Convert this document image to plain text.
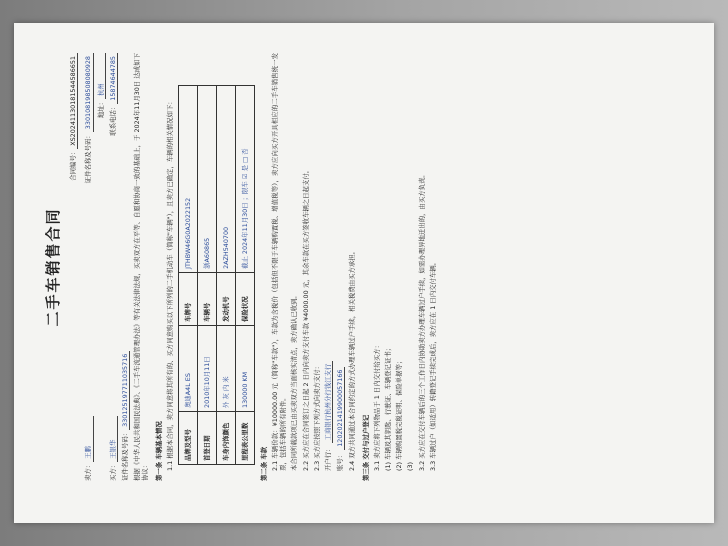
二手车销售合同
合同编号：XS20241130181544586651
卖方：王鹏
证件名称及号码：330108198508080928 地址：杭州
买方：王银华
联系电话：15874644785
证件名称及号码：330125197711035716 根据《中华人民共和国民法典》、《二手车流通管理办法》等有关法律法规，买卖双方在平等、自愿和协商一致的基础上，于 2024年11月30日 达成如下协议： 第一条 车辆基本情况 1.1 根据本合同，卖方同意将其所有的、买方同意购买以下所列的二手机动车（简称"车辆"），且卖方已确定，车辆的相关情况如下： 品牌及型号	奥迪A4L ES	车牌号	JTHBW46G0A2022152
首登日期	2010年10月11日	车辆号	浙A60865
车身内饰颜色	外 灰 内 米	发动机号	2AZH540700
里程表公里数	130000 KM	保险状况	截止 2024年11月30日 ；限车 ☑ 是 □ 否
第二条 车款 2.1 车辆价款：¥10000.00 元（简称"车款"），车款为含税价（包括但不限于车辆购置税、增值税等），卖方应向买方开具相应的二手车销售统一发票，包括车辆的所有附件。 本合同所载款项已由买卖双方当面核实清点，卖方确认已收到。 2.2 买方应在合同签订之日起 2 日内向卖方支付车款 ¥4000.00 元，其余车款在买方签收车辆之日起支付。 2.3 买方应按照下列方式向卖方支付： 开户行： 工商银行杭州分行钱江支行
账号： 1202021419900057166 2.4 双方共同通过本合同约定的方式办理车辆过户手续，相关税费由买方承担。 第三条 交付与过户登记 3.1 卖方应将下列物品于 1 日内交付给买方： (1) 车辆及其钥匙、行驶证、车辆登记证书； (2) 车辆购置税完税证明、保险单据等； (3) 3.2 买方应在交付车辆后的三个工作日内协助卖方办理车辆过户手续，如需办理异地迁出的，由买方负责。 3.3 车辆过户（如适用）转籍登记手续完成后，卖方应在 1 日内交付车辆。
